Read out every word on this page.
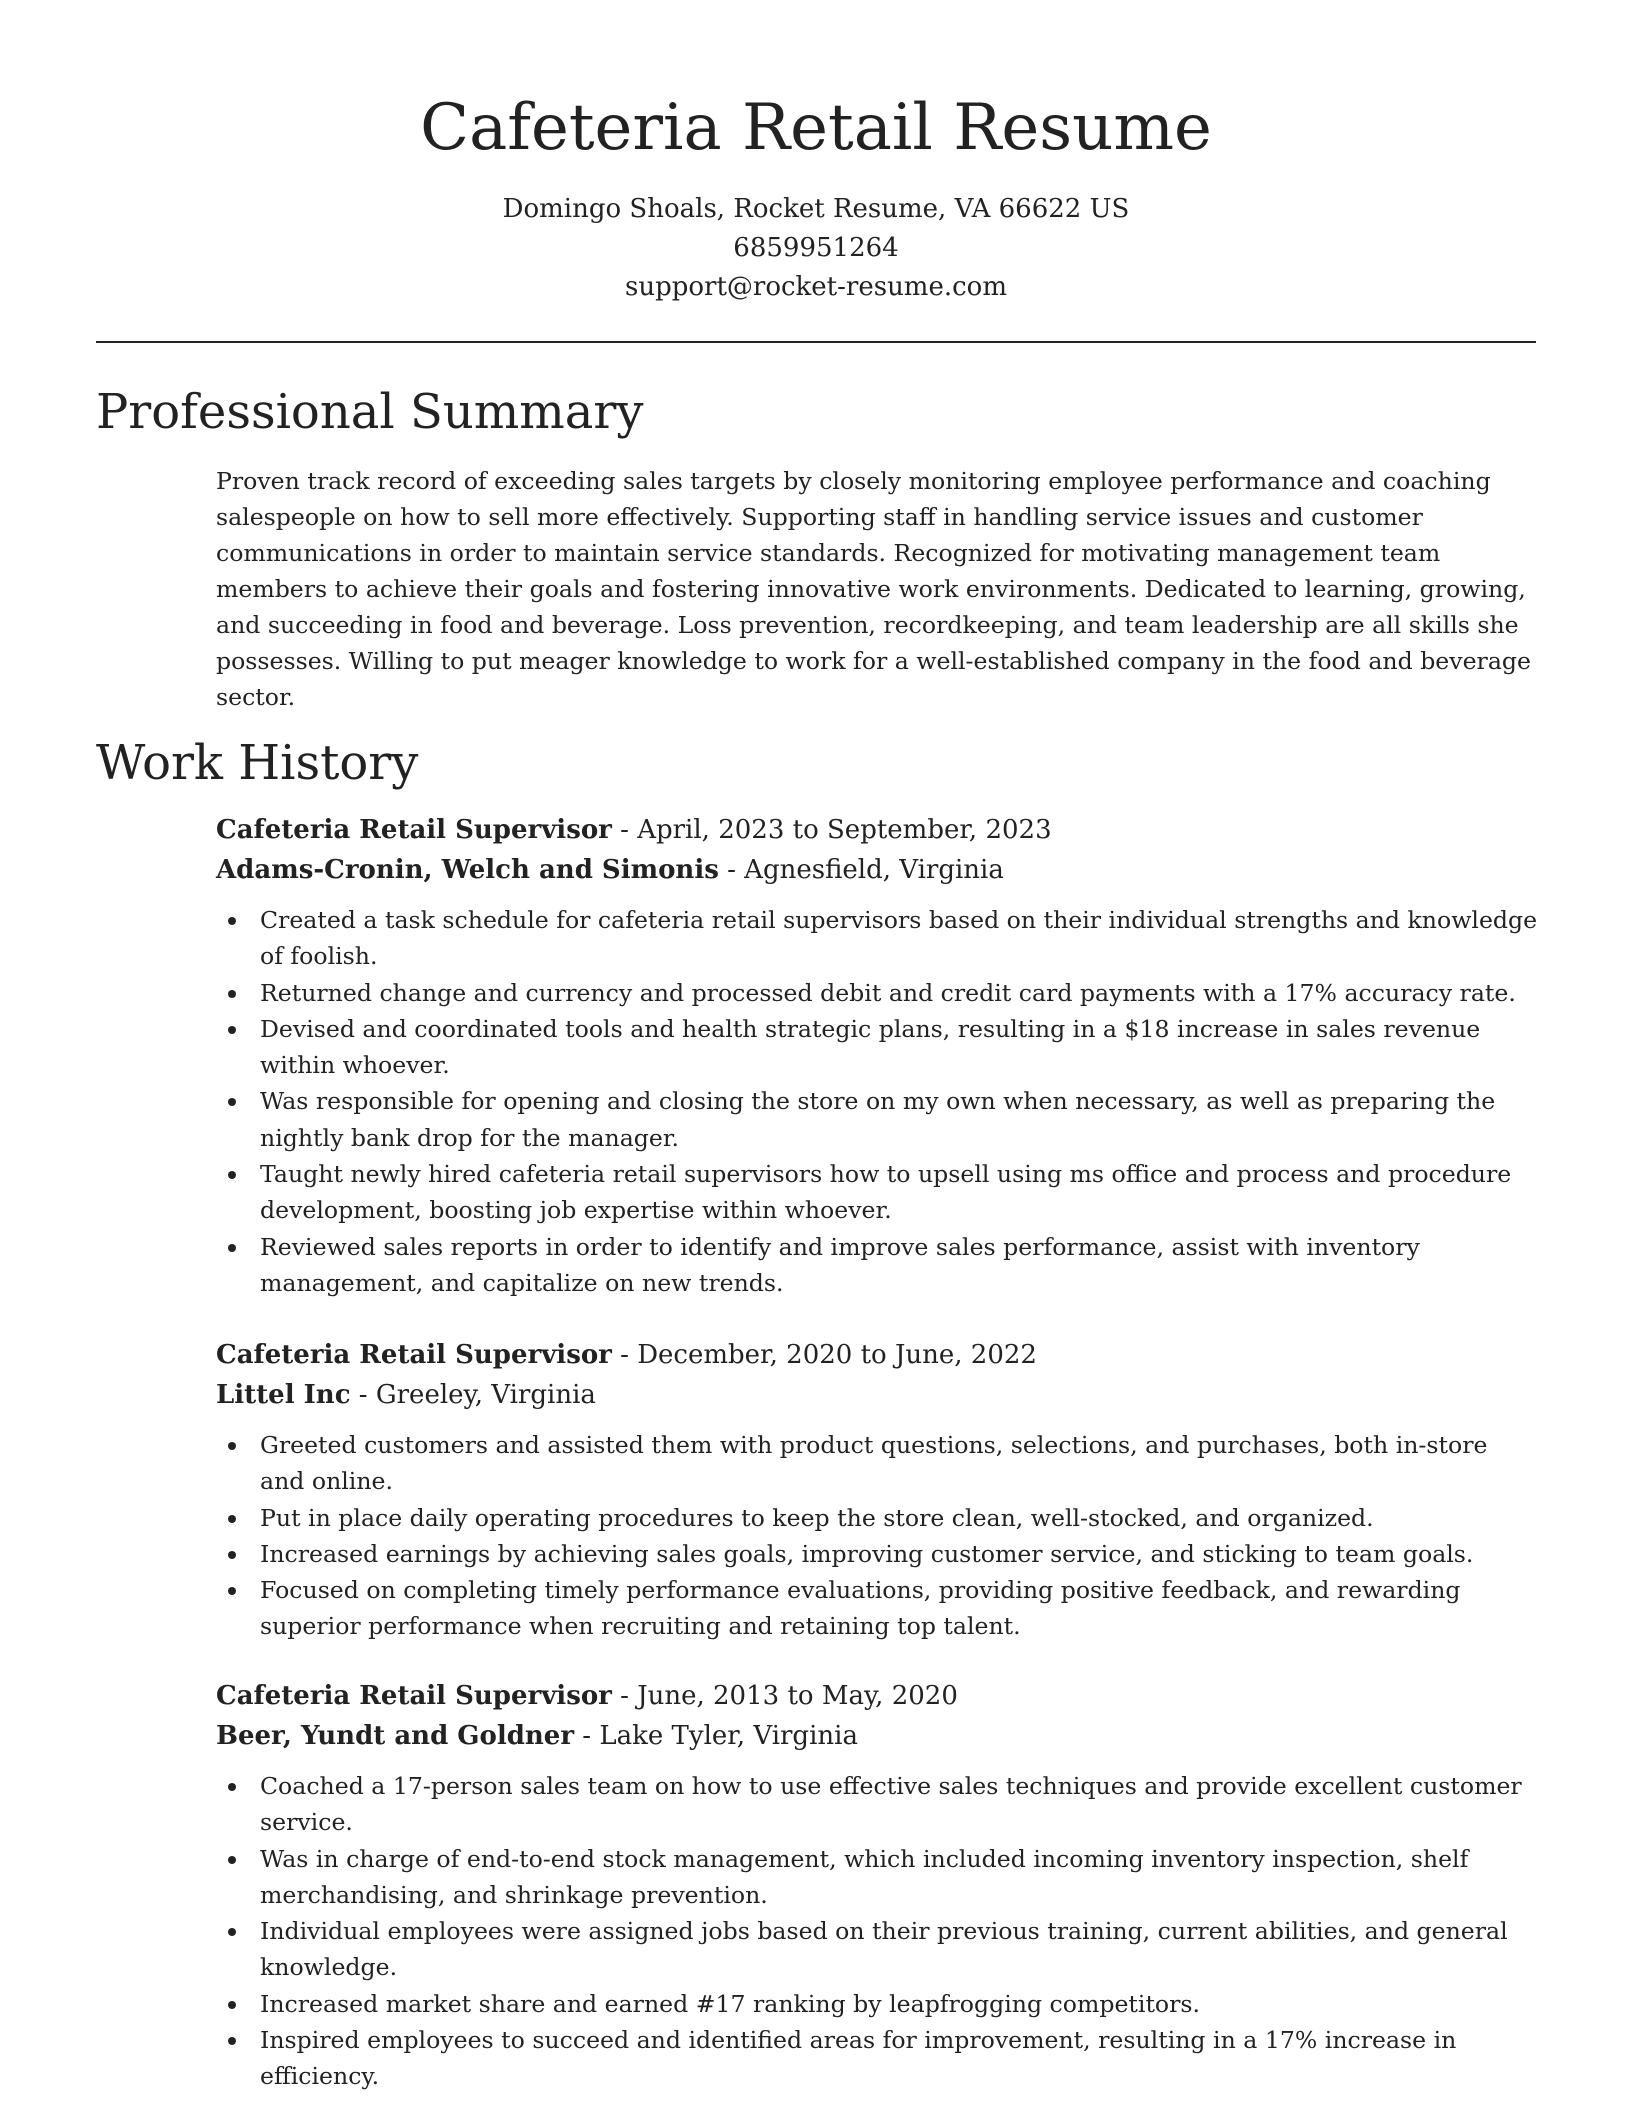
Cafeteria Retail Resume
Domingo Shoals, Rocket Resume, VA 66622 US
6859951264
support@rocket-resume.com
Professional Summary

Proven track record of exceeding sales targets by closely monitoring employee performance and coaching salespeople on how to sell more effectively. Supporting staff in handling service issues and customer communications in order to maintain service standards. Recognized for motivating management team members to achieve their goals and fostering innovative work environments. Dedicated to learning, growing, and succeeding in food and beverage. Loss prevention, recordkeeping, and team leadership are all skills she possesses. Willing to put meager knowledge to work for a well-established company in the food and beverage sector.

Work History
Cafeteria Retail Supervisor - April, 2023 to September, 2023
Adams-Cronin, Welch and Simonis - Agnesfield, Virginia
Created a task schedule for cafeteria retail supervisors based on their individual strengths and knowledge of foolish.
Returned change and currency and processed debit and credit card payments with a 17% accuracy rate.
Devised and coordinated tools and health strategic plans, resulting in a $18 increase in sales revenue within whoever.
Was responsible for opening and closing the store on my own when necessary, as well as preparing the nightly bank drop for the manager.
Taught newly hired cafeteria retail supervisors how to upsell using ms office and process and procedure development, boosting job expertise within whoever.
Reviewed sales reports in order to identify and improve sales performance, assist with inventory management, and capitalize on new trends.
Cafeteria Retail Supervisor - December, 2020 to June, 2022
Littel Inc - Greeley, Virginia
Greeted customers and assisted them with product questions, selections, and purchases, both in-store and online.
Put in place daily operating procedures to keep the store clean, well-stocked, and organized.
Increased earnings by achieving sales goals, improving customer service, and sticking to team goals.
Focused on completing timely performance evaluations, providing positive feedback, and rewarding superior performance when recruiting and retaining top talent.
Cafeteria Retail Supervisor - June, 2013 to May, 2020
Beer, Yundt and Goldner - Lake Tyler, Virginia
Coached a 17-person sales team on how to use effective sales techniques and provide excellent customer service.
Was in charge of end-to-end stock management, which included incoming inventory inspection, shelf merchandising, and shrinkage prevention.
Individual employees were assigned jobs based on their previous training, current abilities, and general knowledge.
Increased market share and earned #17 ranking by leapfrogging competitors.
Inspired employees to succeed and identified areas for improvement, resulting in a 17% increase in efficiency.
